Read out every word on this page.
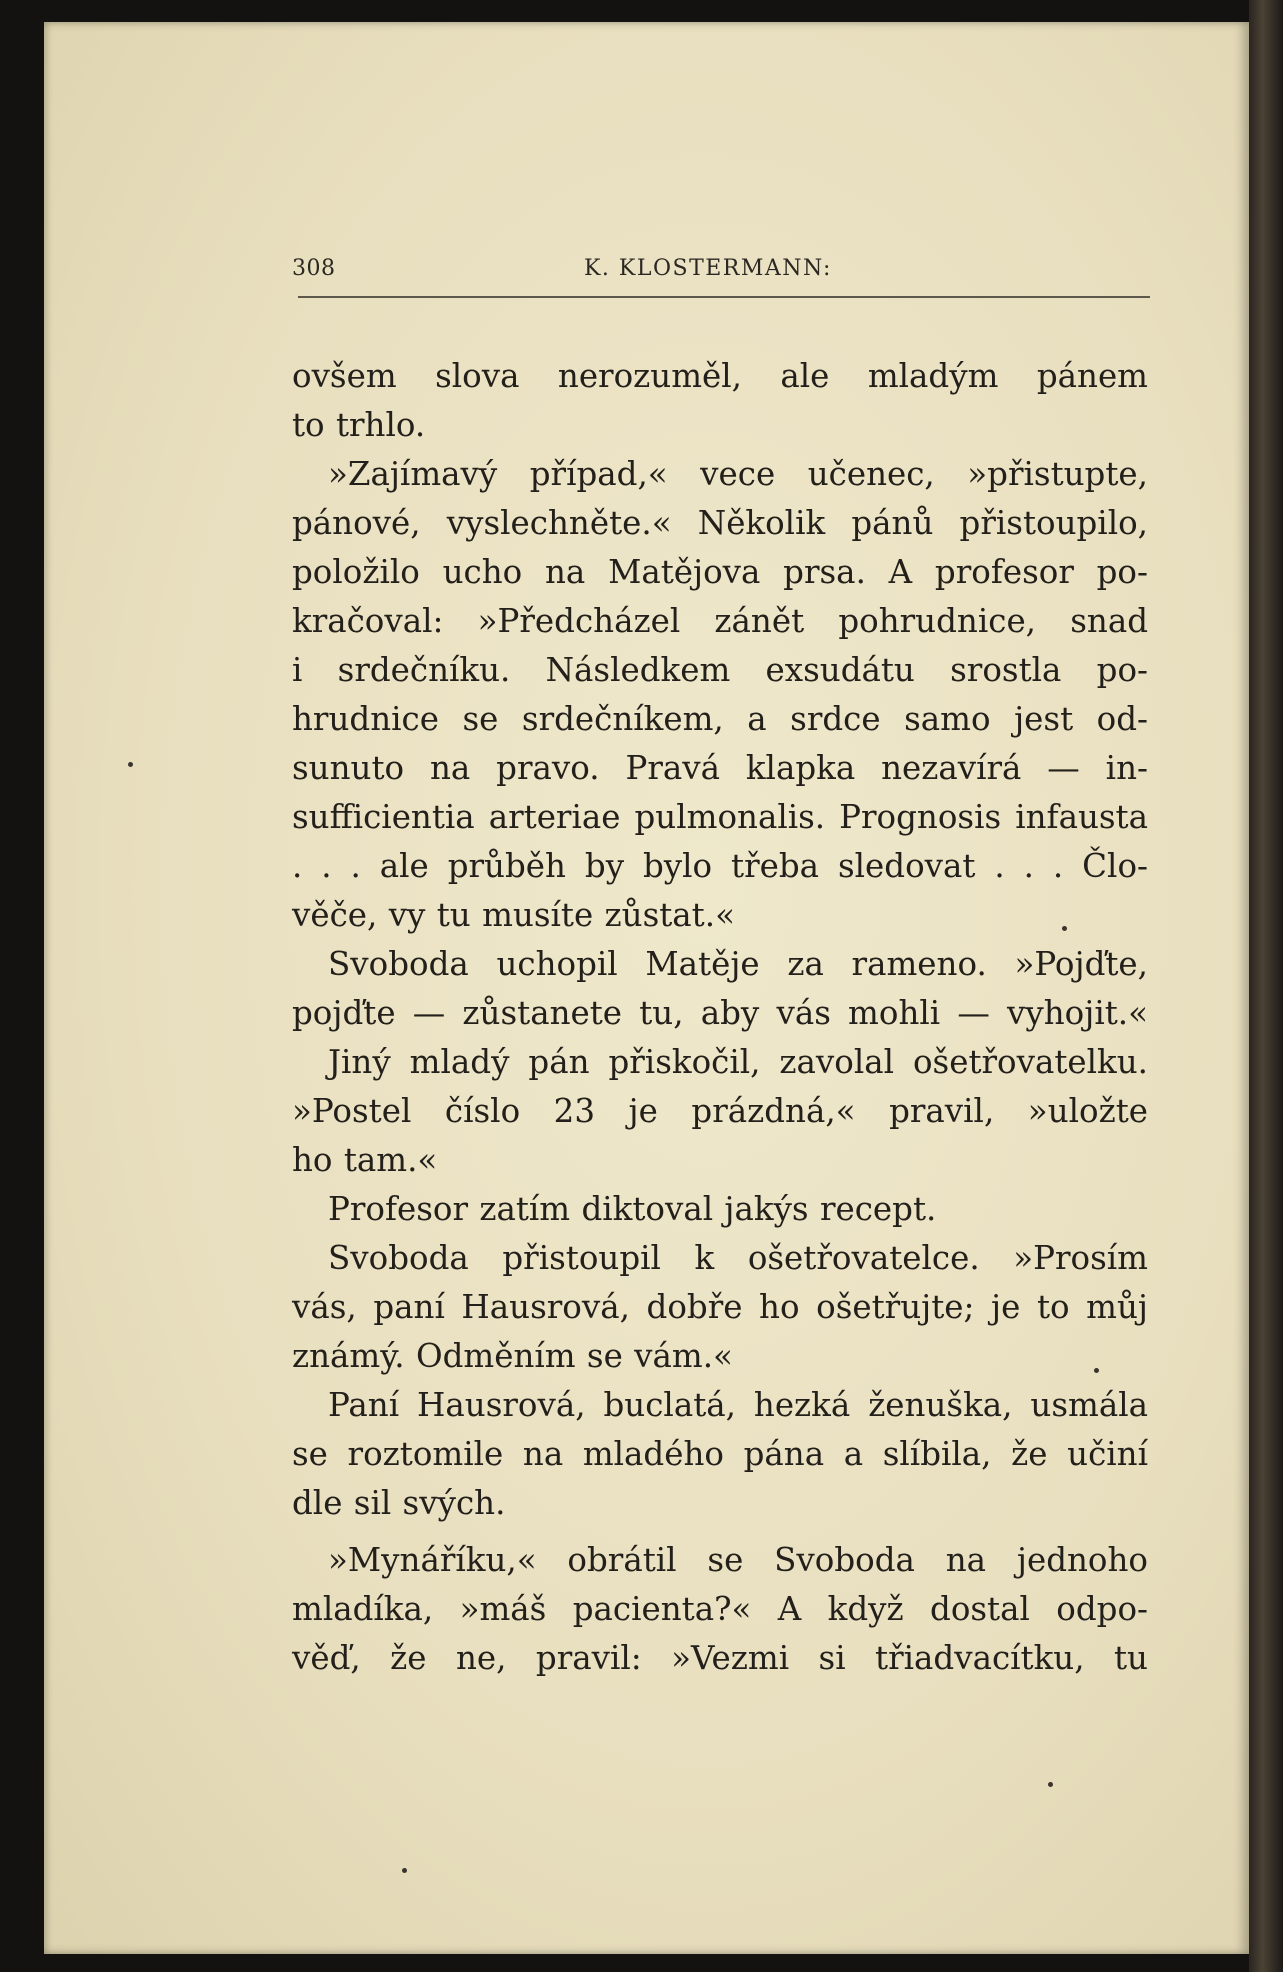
308	K. KLOSTERMANN:
ovšem slova nerozuměl, ale mladým pánem
to trhlo.
»Zajímavý případ,« vece učenec, »přistupte,
pánové, vyslechněte.« Několik pánů přistoupilo,
položilo ucho na Matějova prsa. A profesor po-
kračoval: »Předcházel zánět pohrudnice, snad
i srdečníku. Následkem exsudátu srostla po-
hrudnice se srdečníkem, a srdce samo jest od-
sunuto na pravo. Pravá klapka nezavírá — in-
sufficientia arteriae pulmonalis. Prognosis infausta
. . . ale průběh by bylo třeba sledovat . . . Člo-
věče, vy tu musíte zůstat.«
Svoboda uchopil Matěje za rameno. »Pojďte,
pojďte — zůstanete tu, aby vás mohli — vyhojit.«
Jiný mladý pán přiskočil, zavolal ošetřovatelku.
»Postel číslo 23 je prázdná,« pravil, »uložte
ho tam.«
Profesor zatím diktoval jakýs recept.
Svoboda přistoupil k ošetřovatelce. »Prosím
vás, paní Hausrová, dobře ho ošetřujte; je to můj
známý. Odměním se vám.«
Paní Hausrová, buclatá, hezká ženuška, usmála
se roztomile na mladého pána a slíbila, že učiní
dle sil svých.
»Mynáříku,« obrátil se Svoboda na jednoho
mladíka, »máš pacienta?« A když dostal odpo-
věď, že ne, pravil: »Vezmi si třiadvacítku, tu
